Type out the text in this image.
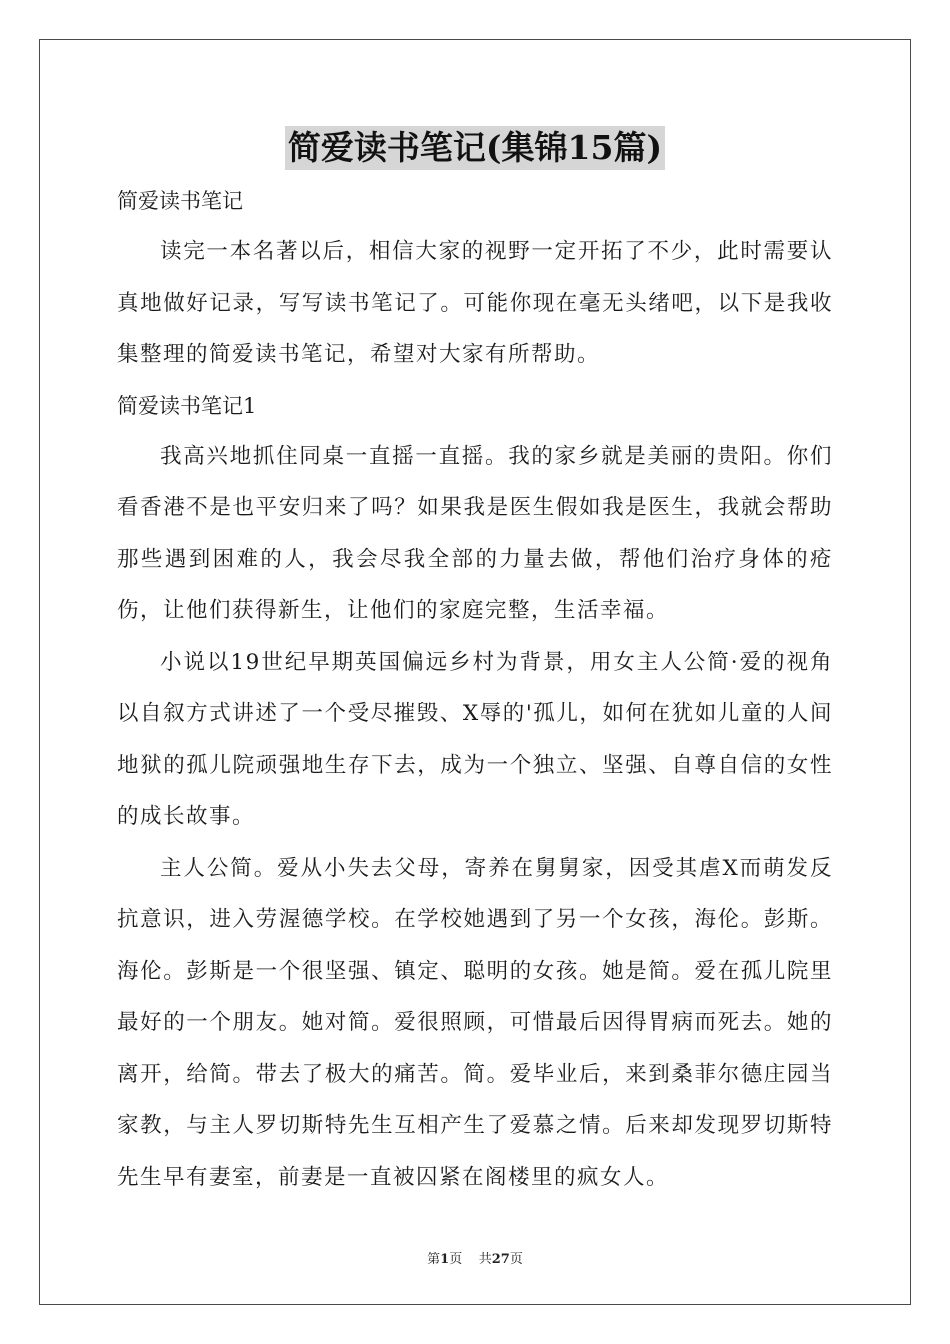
简爱读书笔记(集锦15篇)

简爱读书笔记

读完一本名著以后，相信大家的视野一定开拓了不少，此时需要认真地做好记录，写写读书笔记了。可能你现在毫无头绪吧，以下是我收集整理的简爱读书笔记，希望对大家有所帮助。

简爱读书笔记1

我高兴地抓住同桌一直摇一直摇。我的家乡就是美丽的贵阳。你们看香港不是也平安归来了吗？如果我是医生假如我是医生，我就会帮助那些遇到困难的人，我会尽我全部的力量去做，帮他们治疗身体的疮伤，让他们获得新生，让他们的家庭完整，生活幸福。

小说以19世纪早期英国偏远乡村为背景，用女主人公简·爱的视角以自叙方式讲述了一个受尽摧毁、X辱的'孤儿，如何在犹如儿童的人间地狱的孤儿院顽强地生存下去，成为一个独立、坚强、自尊自信的女性的成长故事。

主人公简。爱从小失去父母，寄养在舅舅家，因受其虐X而萌发反抗意识，进入劳渥德学校。在学校她遇到了另一个女孩，海伦。彭斯。海伦。彭斯是一个很坚强、镇定、聪明的女孩。她是简。爱在孤儿院里最好的一个朋友。她对简。爱很照顾，可惜最后因得胃病而死去。她的离开，给简。带去了极大的痛苦。简。爱毕业后，来到桑菲尔德庄园当家教，与主人罗切斯特先生互相产生了爱慕之情。后来却发现罗切斯特先生早有妻室，前妻是一直被囚紧在阁楼里的疯女人。

第1页 共27页
